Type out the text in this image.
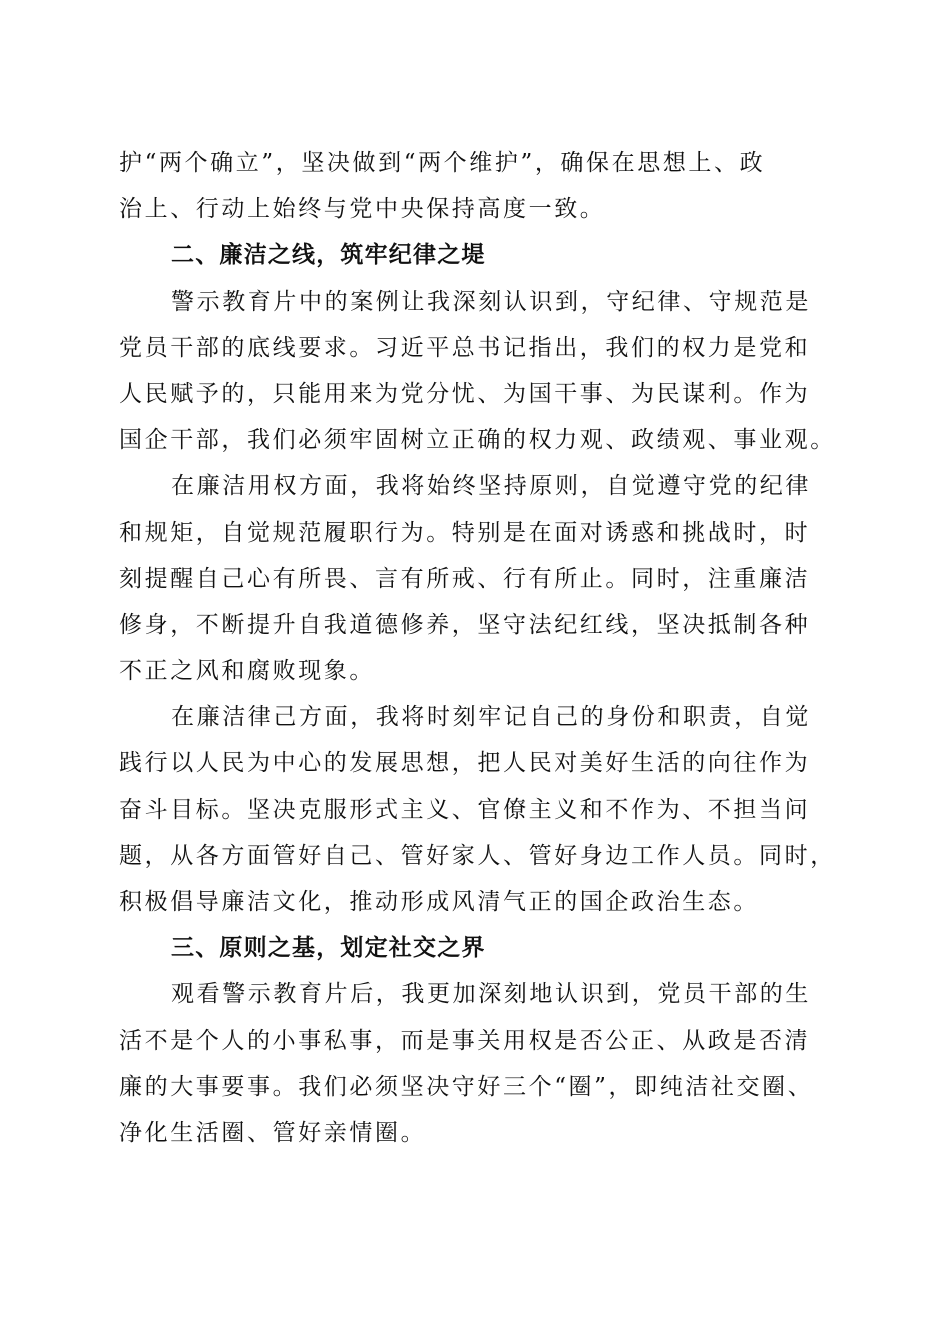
护“两个确立”，坚决做到“两个维护”，确保在思想上、政
治上、行动上始终与党中央保持高度一致。
二、廉洁之线，筑牢纪律之堤
警示教育片中的案例让我深刻认识到，守纪律、守规范是
党员干部的底线要求。习近平总书记指出，我们的权力是党和
人民赋予的，只能用来为党分忧、为国干事、为民谋利。作为
国企干部，我们必须牢固树立正确的权力观、政绩观、事业观。
在廉洁用权方面，我将始终坚持原则，自觉遵守党的纪律
和规矩，自觉规范履职行为。特别是在面对诱惑和挑战时，时
刻提醒自己心有所畏、言有所戒、行有所止。同时，注重廉洁
修身，不断提升自我道德修养，坚守法纪红线，坚决抵制各种
不正之风和腐败现象。
在廉洁律己方面，我将时刻牢记自己的身份和职责，自觉
践行以人民为中心的发展思想，把人民对美好生活的向往作为
奋斗目标。坚决克服形式主义、官僚主义和不作为、不担当问
题，从各方面管好自己、管好家人、管好身边工作人员。同时，
积极倡导廉洁文化，推动形成风清气正的国企政治生态。
三、原则之基，划定社交之界
观看警示教育片后，我更加深刻地认识到，党员干部的生
活不是个人的小事私事，而是事关用权是否公正、从政是否清
廉的大事要事。我们必须坚决守好三个“圈”，即纯洁社交圈、
净化生活圈、管好亲情圈。
